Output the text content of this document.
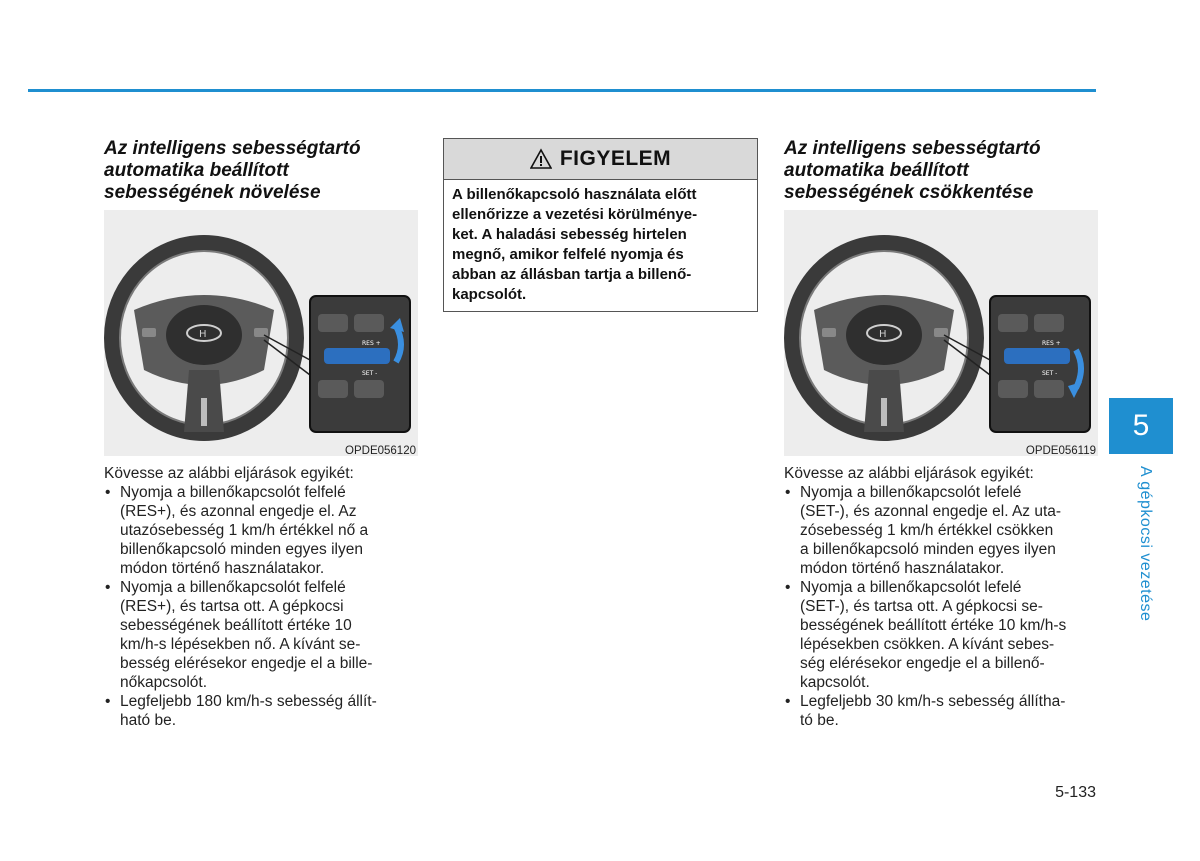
Az intelligens sebességtartó
automatika beállított
sebességének növelése
H
RES +
SET -
OPDE056120
Kövesse az alábbi eljárások egyikét:
• Nyomja a billenőkapcsolót felfelé
(RES+), és azonnal engedje el. Az
utazósebesség 1 km/h értékkel nő a
billenőkapcsoló minden egyes ilyen
módon történő használatakor.
• Nyomja a billenőkapcsolót felfelé
(RES+), és tartsa ott. A gépkocsi
sebességének beállított értéke 10
km/h-s lépésekben nő. A kívánt se-
besség elérésekor engedje el a bille-
nőkapcsolót.
• Legfeljebb 180 km/h-s sebesség állít-
ható be.
FIGYELEM
A billenőkapcsoló használata előtt
ellenőrizze a vezetési körülménye-
ket. A haladási sebesség hirtelen
megnő, amikor felfelé nyomja és
abban az állásban tartja a billenő-
kapcsolót.
Az intelligens sebességtartó
automatika beállított
sebességének csökkentése
H
RES +
SET -
OPDE056119
Kövesse az alábbi eljárások egyikét:
• Nyomja a billenőkapcsolót lefelé
(SET-), és azonnal engedje el. Az uta-
zósebesség 1 km/h értékkel csökken
a billenőkapcsoló minden egyes ilyen
módon történő használatakor.
• Nyomja a billenőkapcsolót lefelé
(SET-), és tartsa ott. A gépkocsi se-
bességének beállított értéke 10 km/h-s
lépésekben csökken. A kívánt sebes-
ség elérésekor engedje el a billenő-
kapcsolót.
• Legfeljebb 30 km/h-s sebesség állítha-
tó be.
5
A gépkocsi vezetése
5-133
